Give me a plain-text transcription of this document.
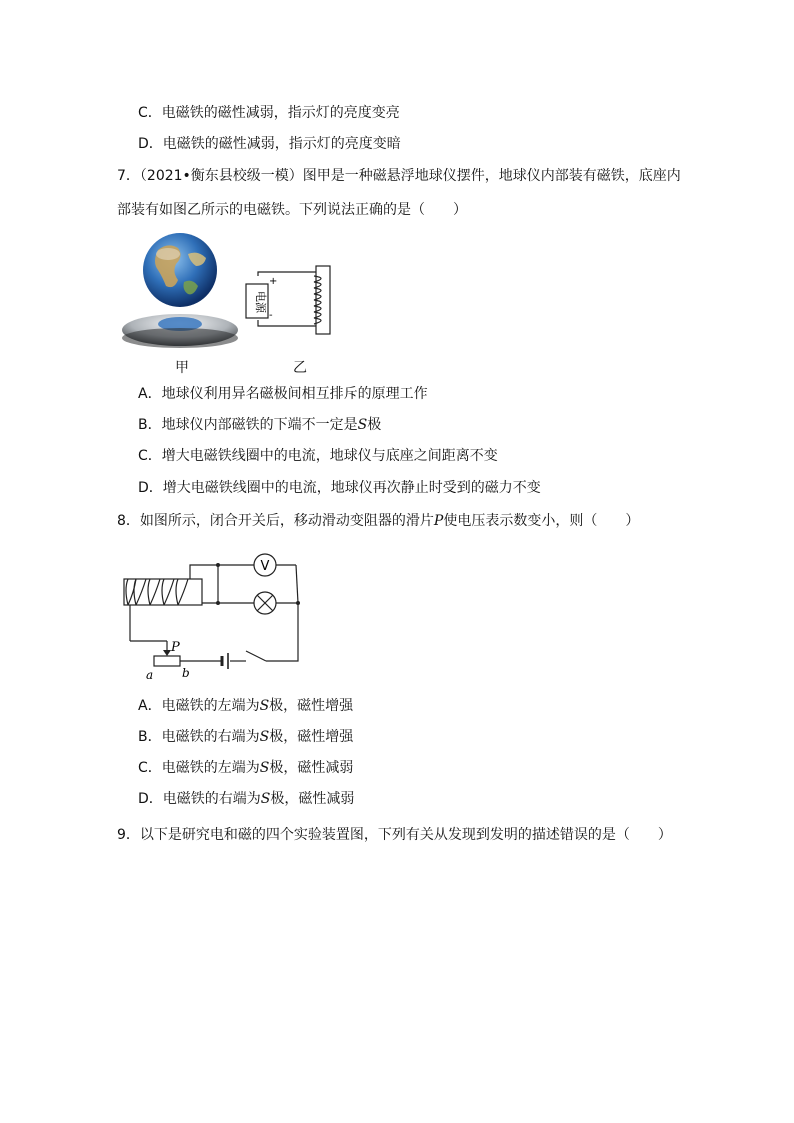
C．电磁铁的磁性减弱，指示灯的亮度变亮
D．电磁铁的磁性减弱，指示灯的亮度变暗
7．（2021•衡东县校级一模）图甲是一种磁悬浮地球仪摆件，地球仪内部装有磁铁，底座内
部装有如图乙所示的电磁铁。下列说法正确的是（　　）
甲
+
-
电源
乙
A．地球仪利用异名磁极间相互排斥的原理工作
B．地球仪内部磁铁的下端不一定是S极
C．增大电磁铁线圈中的电流，地球仪与底座之间距离不变
D．增大电磁铁线圈中的电流，地球仪再次静止时受到的磁力不变
8．如图所示，闭合开关后，移动滑动变阻器的滑片P使电压表示数变小，则（　　）
V
P
a b
A．电磁铁的左端为S极，磁性增强
B．电磁铁的右端为S极，磁性增强
C．电磁铁的左端为S极，磁性减弱
D．电磁铁的右端为S极，磁性减弱
9．以下是研究电和磁的四个实验装置图，下列有关从发现到发明的描述错误的是（　　）
